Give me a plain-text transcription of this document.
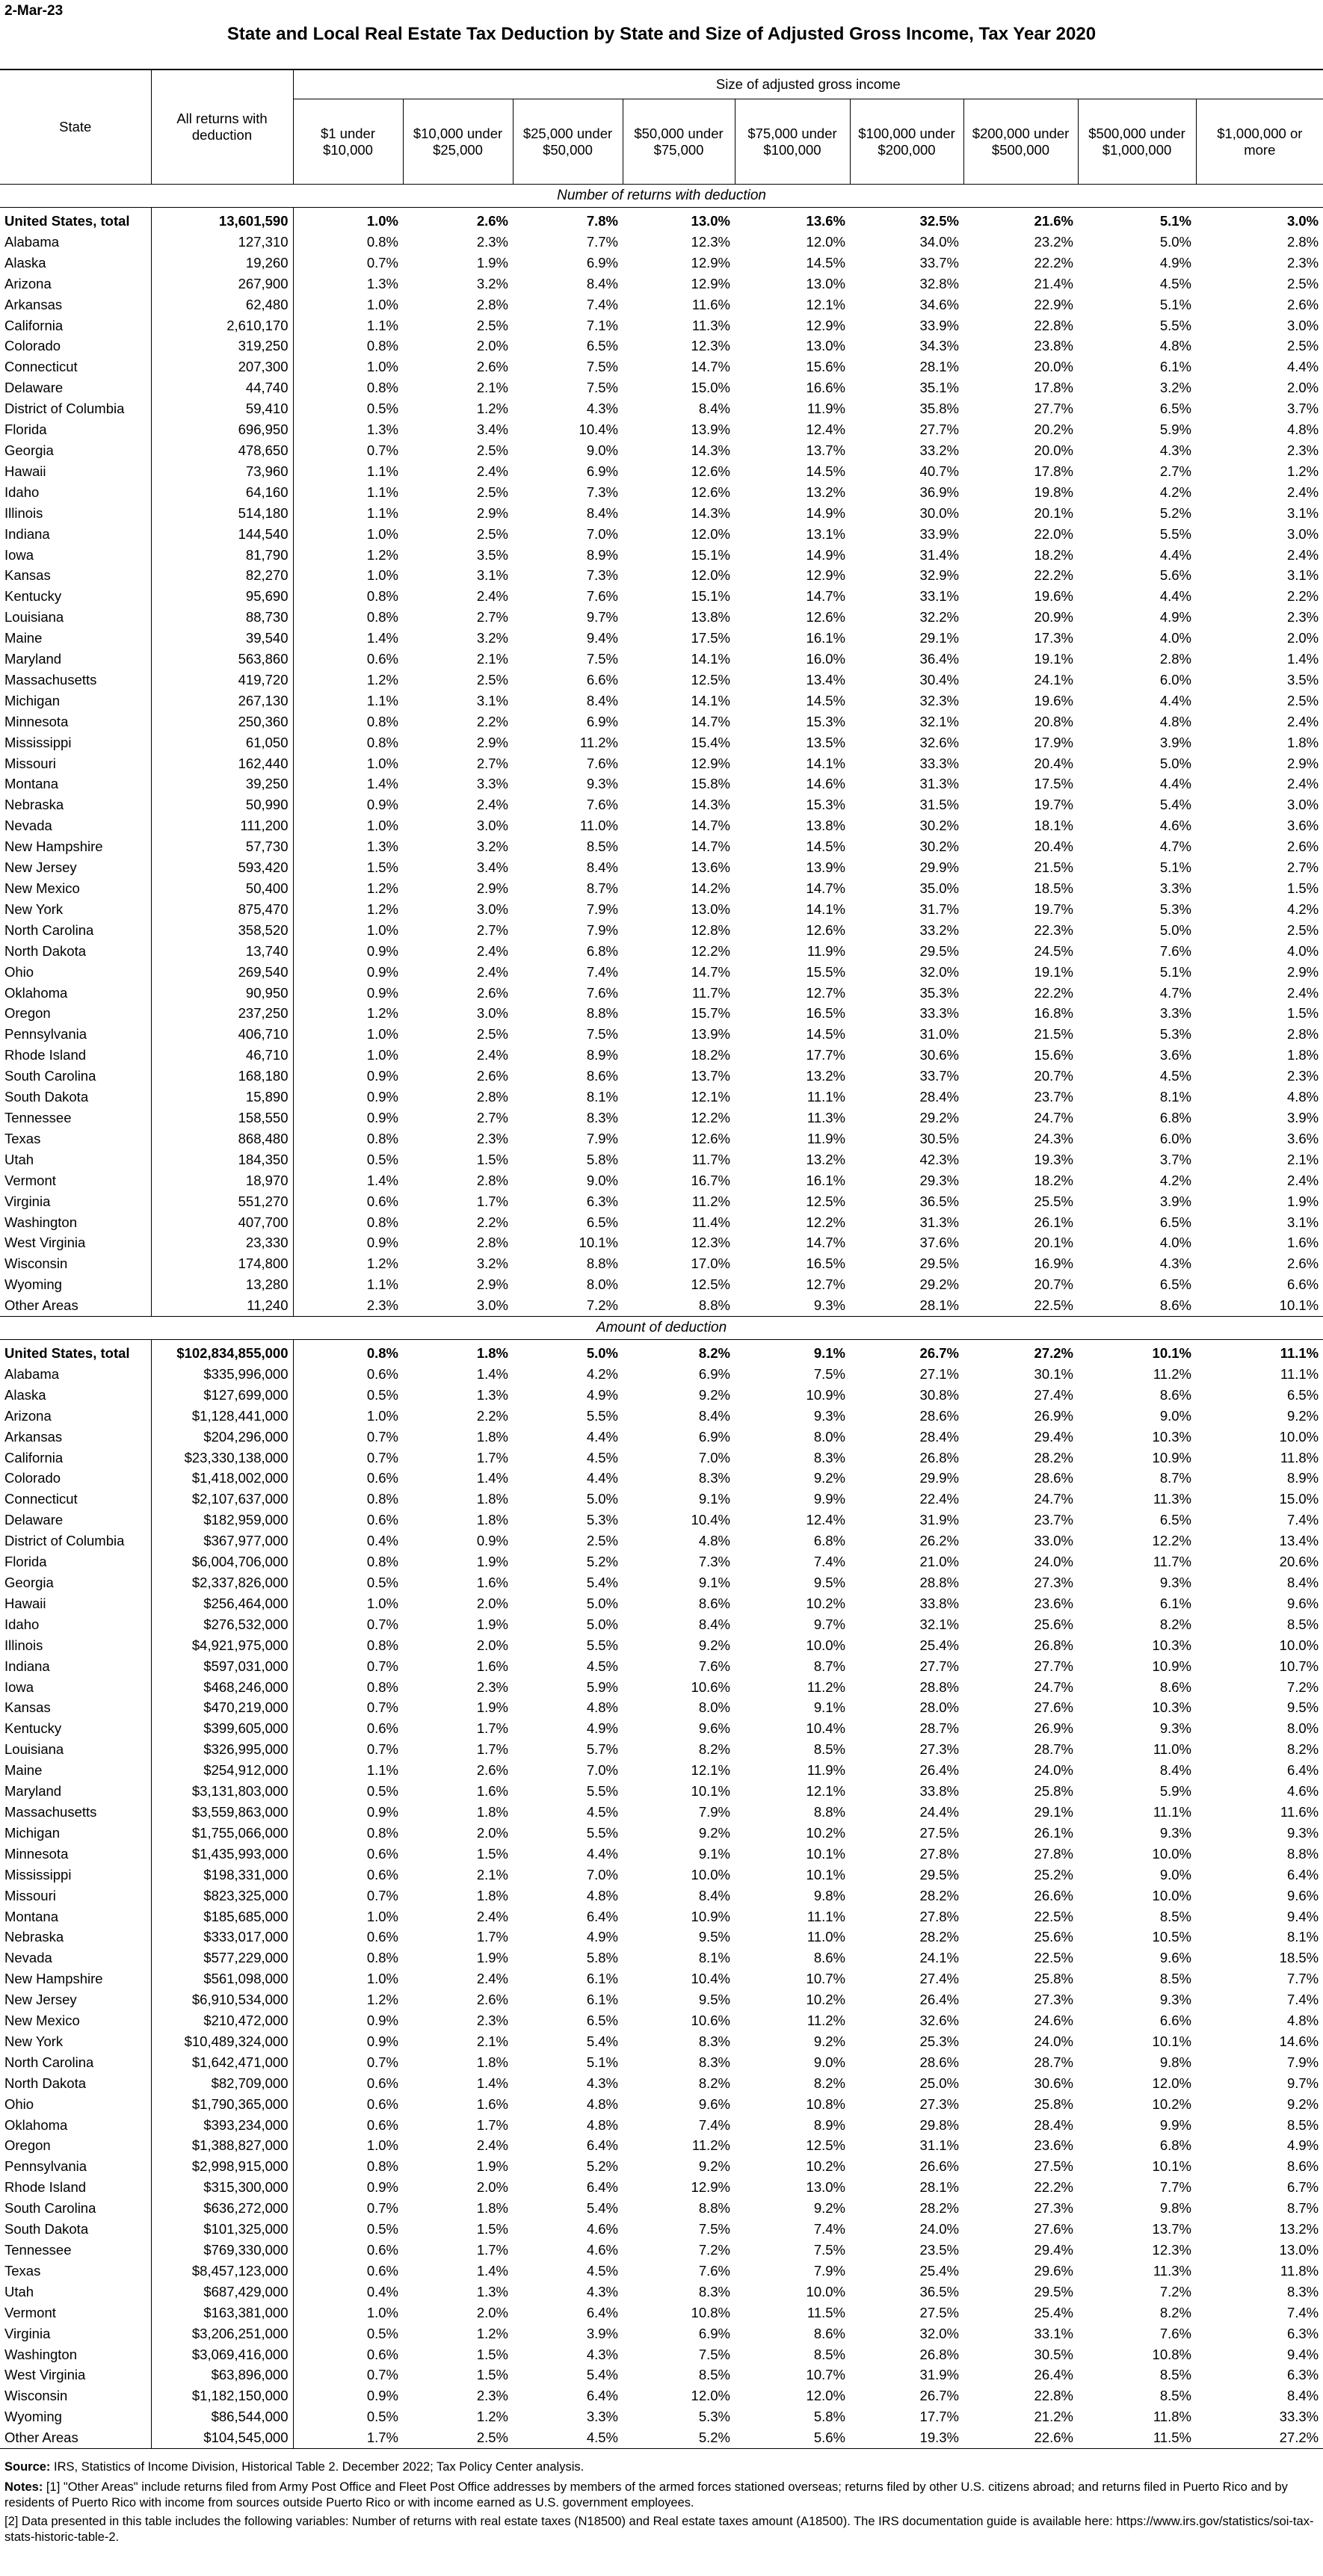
2-Mar-23
State and Local Real Estate Tax Deduction by State and Size of Adjusted Gross Income, Tax Year 2020
State	All returns with deduction	Size of adjusted gross income								
		$1 under $10,000	$10,000 under $25,000	$25,000 under $50,000	$50,000 under $75,000	$75,000 under $100,000	$100,000 under $200,000	$200,000 under $500,000	$500,000 under $1,000,000	$1,000,000 or more
Number of returns with deduction										
United States, total	13,601,590	1.0%	2.6%	7.8%	13.0%	13.6%	32.5%	21.6%	5.1%	3.0%
Alabama	127,310	0.8%	2.3%	7.7%	12.3%	12.0%	34.0%	23.2%	5.0%	2.8%
Alaska	19,260	0.7%	1.9%	6.9%	12.9%	14.5%	33.7%	22.2%	4.9%	2.3%
Arizona	267,900	1.3%	3.2%	8.4%	12.9%	13.0%	32.8%	21.4%	4.5%	2.5%
Arkansas	62,480	1.0%	2.8%	7.4%	11.6%	12.1%	34.6%	22.9%	5.1%	2.6%
California	2,610,170	1.1%	2.5%	7.1%	11.3%	12.9%	33.9%	22.8%	5.5%	3.0%
Colorado	319,250	0.8%	2.0%	6.5%	12.3%	13.0%	34.3%	23.8%	4.8%	2.5%
Connecticut	207,300	1.0%	2.6%	7.5%	14.7%	15.6%	28.1%	20.0%	6.1%	4.4%
Delaware	44,740	0.8%	2.1%	7.5%	15.0%	16.6%	35.1%	17.8%	3.2%	2.0%
District of Columbia	59,410	0.5%	1.2%	4.3%	8.4%	11.9%	35.8%	27.7%	6.5%	3.7%
Florida	696,950	1.3%	3.4%	10.4%	13.9%	12.4%	27.7%	20.2%	5.9%	4.8%
Georgia	478,650	0.7%	2.5%	9.0%	14.3%	13.7%	33.2%	20.0%	4.3%	2.3%
Hawaii	73,960	1.1%	2.4%	6.9%	12.6%	14.5%	40.7%	17.8%	2.7%	1.2%
Idaho	64,160	1.1%	2.5%	7.3%	12.6%	13.2%	36.9%	19.8%	4.2%	2.4%
Illinois	514,180	1.1%	2.9%	8.4%	14.3%	14.9%	30.0%	20.1%	5.2%	3.1%
Indiana	144,540	1.0%	2.5%	7.0%	12.0%	13.1%	33.9%	22.0%	5.5%	3.0%
Iowa	81,790	1.2%	3.5%	8.9%	15.1%	14.9%	31.4%	18.2%	4.4%	2.4%
Kansas	82,270	1.0%	3.1%	7.3%	12.0%	12.9%	32.9%	22.2%	5.6%	3.1%
Kentucky	95,690	0.8%	2.4%	7.6%	15.1%	14.7%	33.1%	19.6%	4.4%	2.2%
Louisiana	88,730	0.8%	2.7%	9.7%	13.8%	12.6%	32.2%	20.9%	4.9%	2.3%
Maine	39,540	1.4%	3.2%	9.4%	17.5%	16.1%	29.1%	17.3%	4.0%	2.0%
Maryland	563,860	0.6%	2.1%	7.5%	14.1%	16.0%	36.4%	19.1%	2.8%	1.4%
Massachusetts	419,720	1.2%	2.5%	6.6%	12.5%	13.4%	30.4%	24.1%	6.0%	3.5%
Michigan	267,130	1.1%	3.1%	8.4%	14.1%	14.5%	32.3%	19.6%	4.4%	2.5%
Minnesota	250,360	0.8%	2.2%	6.9%	14.7%	15.3%	32.1%	20.8%	4.8%	2.4%
Mississippi	61,050	0.8%	2.9%	11.2%	15.4%	13.5%	32.6%	17.9%	3.9%	1.8%
Missouri	162,440	1.0%	2.7%	7.6%	12.9%	14.1%	33.3%	20.4%	5.0%	2.9%
Montana	39,250	1.4%	3.3%	9.3%	15.8%	14.6%	31.3%	17.5%	4.4%	2.4%
Nebraska	50,990	0.9%	2.4%	7.6%	14.3%	15.3%	31.5%	19.7%	5.4%	3.0%
Nevada	111,200	1.0%	3.0%	11.0%	14.7%	13.8%	30.2%	18.1%	4.6%	3.6%
New Hampshire	57,730	1.3%	3.2%	8.5%	14.7%	14.5%	30.2%	20.4%	4.7%	2.6%
New Jersey	593,420	1.5%	3.4%	8.4%	13.6%	13.9%	29.9%	21.5%	5.1%	2.7%
New Mexico	50,400	1.2%	2.9%	8.7%	14.2%	14.7%	35.0%	18.5%	3.3%	1.5%
New York	875,470	1.2%	3.0%	7.9%	13.0%	14.1%	31.7%	19.7%	5.3%	4.2%
North Carolina	358,520	1.0%	2.7%	7.9%	12.8%	12.6%	33.2%	22.3%	5.0%	2.5%
North Dakota	13,740	0.9%	2.4%	6.8%	12.2%	11.9%	29.5%	24.5%	7.6%	4.0%
Ohio	269,540	0.9%	2.4%	7.4%	14.7%	15.5%	32.0%	19.1%	5.1%	2.9%
Oklahoma	90,950	0.9%	2.6%	7.6%	11.7%	12.7%	35.3%	22.2%	4.7%	2.4%
Oregon	237,250	1.2%	3.0%	8.8%	15.7%	16.5%	33.3%	16.8%	3.3%	1.5%
Pennsylvania	406,710	1.0%	2.5%	7.5%	13.9%	14.5%	31.0%	21.5%	5.3%	2.8%
Rhode Island	46,710	1.0%	2.4%	8.9%	18.2%	17.7%	30.6%	15.6%	3.6%	1.8%
South Carolina	168,180	0.9%	2.6%	8.6%	13.7%	13.2%	33.7%	20.7%	4.5%	2.3%
South Dakota	15,890	0.9%	2.8%	8.1%	12.1%	11.1%	28.4%	23.7%	8.1%	4.8%
Tennessee	158,550	0.9%	2.7%	8.3%	12.2%	11.3%	29.2%	24.7%	6.8%	3.9%
Texas	868,480	0.8%	2.3%	7.9%	12.6%	11.9%	30.5%	24.3%	6.0%	3.6%
Utah	184,350	0.5%	1.5%	5.8%	11.7%	13.2%	42.3%	19.3%	3.7%	2.1%
Vermont	18,970	1.4%	2.8%	9.0%	16.7%	16.1%	29.3%	18.2%	4.2%	2.4%
Virginia	551,270	0.6%	1.7%	6.3%	11.2%	12.5%	36.5%	25.5%	3.9%	1.9%
Washington	407,700	0.8%	2.2%	6.5%	11.4%	12.2%	31.3%	26.1%	6.5%	3.1%
West Virginia	23,330	0.9%	2.8%	10.1%	12.3%	14.7%	37.6%	20.1%	4.0%	1.6%
Wisconsin	174,800	1.2%	3.2%	8.8%	17.0%	16.5%	29.5%	16.9%	4.3%	2.6%
Wyoming	13,280	1.1%	2.9%	8.0%	12.5%	12.7%	29.2%	20.7%	6.5%	6.6%
Other Areas	11,240	2.3%	3.0%	7.2%	8.8%	9.3%	28.1%	22.5%	8.6%	10.1%
Amount of deduction										
United States, total	$102,834,855,000	0.8%	1.8%	5.0%	8.2%	9.1%	26.7%	27.2%	10.1%	11.1%
Alabama	$335,996,000	0.6%	1.4%	4.2%	6.9%	7.5%	27.1%	30.1%	11.2%	11.1%
Alaska	$127,699,000	0.5%	1.3%	4.9%	9.2%	10.9%	30.8%	27.4%	8.6%	6.5%
Arizona	$1,128,441,000	1.0%	2.2%	5.5%	8.4%	9.3%	28.6%	26.9%	9.0%	9.2%
Arkansas	$204,296,000	0.7%	1.8%	4.4%	6.9%	8.0%	28.4%	29.4%	10.3%	10.0%
California	$23,330,138,000	0.7%	1.7%	4.5%	7.0%	8.3%	26.8%	28.2%	10.9%	11.8%
Colorado	$1,418,002,000	0.6%	1.4%	4.4%	8.3%	9.2%	29.9%	28.6%	8.7%	8.9%
Connecticut	$2,107,637,000	0.8%	1.8%	5.0%	9.1%	9.9%	22.4%	24.7%	11.3%	15.0%
Delaware	$182,959,000	0.6%	1.8%	5.3%	10.4%	12.4%	31.9%	23.7%	6.5%	7.4%
District of Columbia	$367,977,000	0.4%	0.9%	2.5%	4.8%	6.8%	26.2%	33.0%	12.2%	13.4%
Florida	$6,004,706,000	0.8%	1.9%	5.2%	7.3%	7.4%	21.0%	24.0%	11.7%	20.6%
Georgia	$2,337,826,000	0.5%	1.6%	5.4%	9.1%	9.5%	28.8%	27.3%	9.3%	8.4%
Hawaii	$256,464,000	1.0%	2.0%	5.0%	8.6%	10.2%	33.8%	23.6%	6.1%	9.6%
Idaho	$276,532,000	0.7%	1.9%	5.0%	8.4%	9.7%	32.1%	25.6%	8.2%	8.5%
Illinois	$4,921,975,000	0.8%	2.0%	5.5%	9.2%	10.0%	25.4%	26.8%	10.3%	10.0%
Indiana	$597,031,000	0.7%	1.6%	4.5%	7.6%	8.7%	27.7%	27.7%	10.9%	10.7%
Iowa	$468,246,000	0.8%	2.3%	5.9%	10.6%	11.2%	28.8%	24.7%	8.6%	7.2%
Kansas	$470,219,000	0.7%	1.9%	4.8%	8.0%	9.1%	28.0%	27.6%	10.3%	9.5%
Kentucky	$399,605,000	0.6%	1.7%	4.9%	9.6%	10.4%	28.7%	26.9%	9.3%	8.0%
Louisiana	$326,995,000	0.7%	1.7%	5.7%	8.2%	8.5%	27.3%	28.7%	11.0%	8.2%
Maine	$254,912,000	1.1%	2.6%	7.0%	12.1%	11.9%	26.4%	24.0%	8.4%	6.4%
Maryland	$3,131,803,000	0.5%	1.6%	5.5%	10.1%	12.1%	33.8%	25.8%	5.9%	4.6%
Massachusetts	$3,559,863,000	0.9%	1.8%	4.5%	7.9%	8.8%	24.4%	29.1%	11.1%	11.6%
Michigan	$1,755,066,000	0.8%	2.0%	5.5%	9.2%	10.2%	27.5%	26.1%	9.3%	9.3%
Minnesota	$1,435,993,000	0.6%	1.5%	4.4%	9.1%	10.1%	27.8%	27.8%	10.0%	8.8%
Mississippi	$198,331,000	0.6%	2.1%	7.0%	10.0%	10.1%	29.5%	25.2%	9.0%	6.4%
Missouri	$823,325,000	0.7%	1.8%	4.8%	8.4%	9.8%	28.2%	26.6%	10.0%	9.6%
Montana	$185,685,000	1.0%	2.4%	6.4%	10.9%	11.1%	27.8%	22.5%	8.5%	9.4%
Nebraska	$333,017,000	0.6%	1.7%	4.9%	9.5%	11.0%	28.2%	25.6%	10.5%	8.1%
Nevada	$577,229,000	0.8%	1.9%	5.8%	8.1%	8.6%	24.1%	22.5%	9.6%	18.5%
New Hampshire	$561,098,000	1.0%	2.4%	6.1%	10.4%	10.7%	27.4%	25.8%	8.5%	7.7%
New Jersey	$6,910,534,000	1.2%	2.6%	6.1%	9.5%	10.2%	26.4%	27.3%	9.3%	7.4%
New Mexico	$210,472,000	0.9%	2.3%	6.5%	10.6%	11.2%	32.6%	24.6%	6.6%	4.8%
New York	$10,489,324,000	0.9%	2.1%	5.4%	8.3%	9.2%	25.3%	24.0%	10.1%	14.6%
North Carolina	$1,642,471,000	0.7%	1.8%	5.1%	8.3%	9.0%	28.6%	28.7%	9.8%	7.9%
North Dakota	$82,709,000	0.6%	1.4%	4.3%	8.2%	8.2%	25.0%	30.6%	12.0%	9.7%
Ohio	$1,790,365,000	0.6%	1.6%	4.8%	9.6%	10.8%	27.3%	25.8%	10.2%	9.2%
Oklahoma	$393,234,000	0.6%	1.7%	4.8%	7.4%	8.9%	29.8%	28.4%	9.9%	8.5%
Oregon	$1,388,827,000	1.0%	2.4%	6.4%	11.2%	12.5%	31.1%	23.6%	6.8%	4.9%
Pennsylvania	$2,998,915,000	0.8%	1.9%	5.2%	9.2%	10.2%	26.6%	27.5%	10.1%	8.6%
Rhode Island	$315,300,000	0.9%	2.0%	6.4%	12.9%	13.0%	28.1%	22.2%	7.7%	6.7%
South Carolina	$636,272,000	0.7%	1.8%	5.4%	8.8%	9.2%	28.2%	27.3%	9.8%	8.7%
South Dakota	$101,325,000	0.5%	1.5%	4.6%	7.5%	7.4%	24.0%	27.6%	13.7%	13.2%
Tennessee	$769,330,000	0.6%	1.7%	4.6%	7.2%	7.5%	23.5%	29.4%	12.3%	13.0%
Texas	$8,457,123,000	0.6%	1.4%	4.5%	7.6%	7.9%	25.4%	29.6%	11.3%	11.8%
Utah	$687,429,000	0.4%	1.3%	4.3%	8.3%	10.0%	36.5%	29.5%	7.2%	8.3%
Vermont	$163,381,000	1.0%	2.0%	6.4%	10.8%	11.5%	27.5%	25.4%	8.2%	7.4%
Virginia	$3,206,251,000	0.5%	1.2%	3.9%	6.9%	8.6%	32.0%	33.1%	7.6%	6.3%
Washington	$3,069,416,000	0.6%	1.5%	4.3%	7.5%	8.5%	26.8%	30.5%	10.8%	9.4%
West Virginia	$63,896,000	0.7%	1.5%	5.4%	8.5%	10.7%	31.9%	26.4%	8.5%	6.3%
Wisconsin	$1,182,150,000	0.9%	2.3%	6.4%	12.0%	12.0%	26.7%	22.8%	8.5%	8.4%
Wyoming	$86,544,000	0.5%	1.2%	3.3%	5.3%	5.8%	17.7%	21.2%	11.8%	33.3%
Other Areas	$104,545,000	1.7%	2.5%	4.5%	5.2%	5.6%	19.3%	22.6%	11.5%	27.2%
Source: IRS, Statistics of Income Division, Historical Table 2. December 2022; Tax Policy Center analysis.
Notes: [1] "Other Areas" include returns filed from Army Post Office and Fleet Post Office addresses by members of the armed forces stationed overseas; returns filed by other U.S. citizens abroad; and returns filed in Puerto Rico and by residents of Puerto Rico with income from sources outside Puerto Rico or with income earned as U.S. government employees.
[2] Data presented in this table includes the following variables: Number of returns with real estate taxes (N18500) and Real estate taxes amount (A18500). The IRS documentation guide is available here: https://www.irs.gov/statistics/soi-tax-stats-historic-table-2.
